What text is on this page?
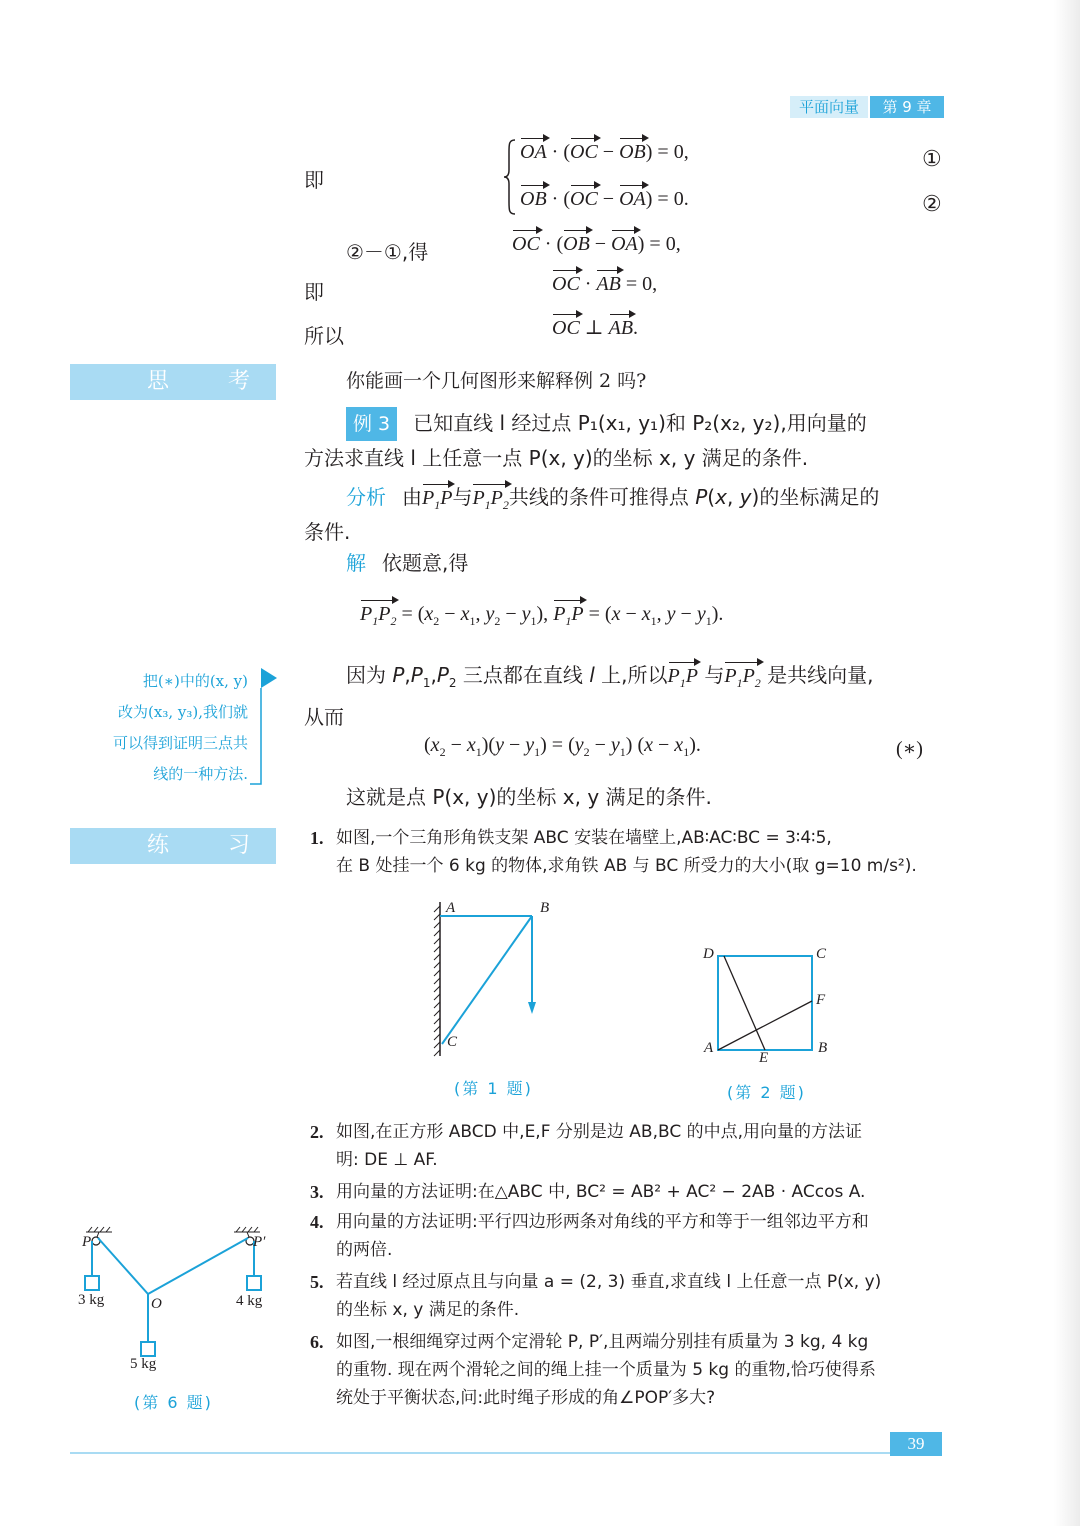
平面向量	第 9 章
即
OA · (OC − OB) = 0,	①
OB · (OC − OA) = 0.	②
②－①,得	OC · (OB − OA) = 0,
即	OC · AB = 0,
所以	OC ⊥ AB.
思 考	你能画一个几何图形来解释例 2 吗?
例 3 已知直线 l 经过点 P₁(x₁, y₁)和 P₂(x₂, y₂),用向量的
方法求直线 l 上任意一点 P(x, y)的坐标 x, y 满足的条件.
分析 由$P_1P$与$P_1P_2$共线的条件可推得点 P(x, y)的坐标满足的
条件.
解 依题意,得
$P_1P_2 = (x_2 - x_1$, $y_2 - y_1$), $P_1P = (x - x_1$, $y - y_1$).
因为 $P,P_1,P_2$ 三点都在直线 l 上,所以$P_1P$ 与$P_1P_2$ 是共线向量,
从而
$(x_2 - x_1)(y - y_1) = (y_2 - y_1) (x - x_1)$.	(∗)
这就是点 P(x, y)的坐标 x, y 满足的条件.
把(∗)中的(x, y)
改为(x₃, y₃),我们就
可以得到证明三点共
线的一种方法.
练 习 1. 如图,一个三角形角铁支架 ABC 安装在墙壁上,AB∶AC∶BC = 3∶4∶5,
在 B 处挂一个 6 kg 的物体,求角铁 AB 与 BC 所受力的大小(取 g=10 m/s²).
A	B
C
(第 1 题)
D	C
F
A
E
B
(第 2 题)
2. 如图,在正方形 ABCD 中,E,F 分别是边 AB,BC 的中点,用向量的方法证
明: DE ⊥ AF.
3. 用向量的方法证明:在△ABC 中, BC² = AB² + AC² − 2AB · ACcos A.
4. 用向量的方法证明:平行四边形两条对角线的平方和等于一组邻边平方和
的两倍.
5. 若直线 l 经过原点且与向量 a = (2, 3) 垂直,求直线 l 上任意一点 P(x, y)
的坐标 x, y 满足的条件.
6. 如图,一根细绳穿过两个定滑轮 P, P′,且两端分别挂有质量为 3 kg, 4 kg
的重物. 现在两个滑轮之间的绳上挂一个质量为 5 kg 的重物,恰巧使得系
统处于平衡状态,问:此时绳子形成的角∠POP′多大?
P	P′
O
3 kg	4 kg
5 kg
(第 6 题)
39
